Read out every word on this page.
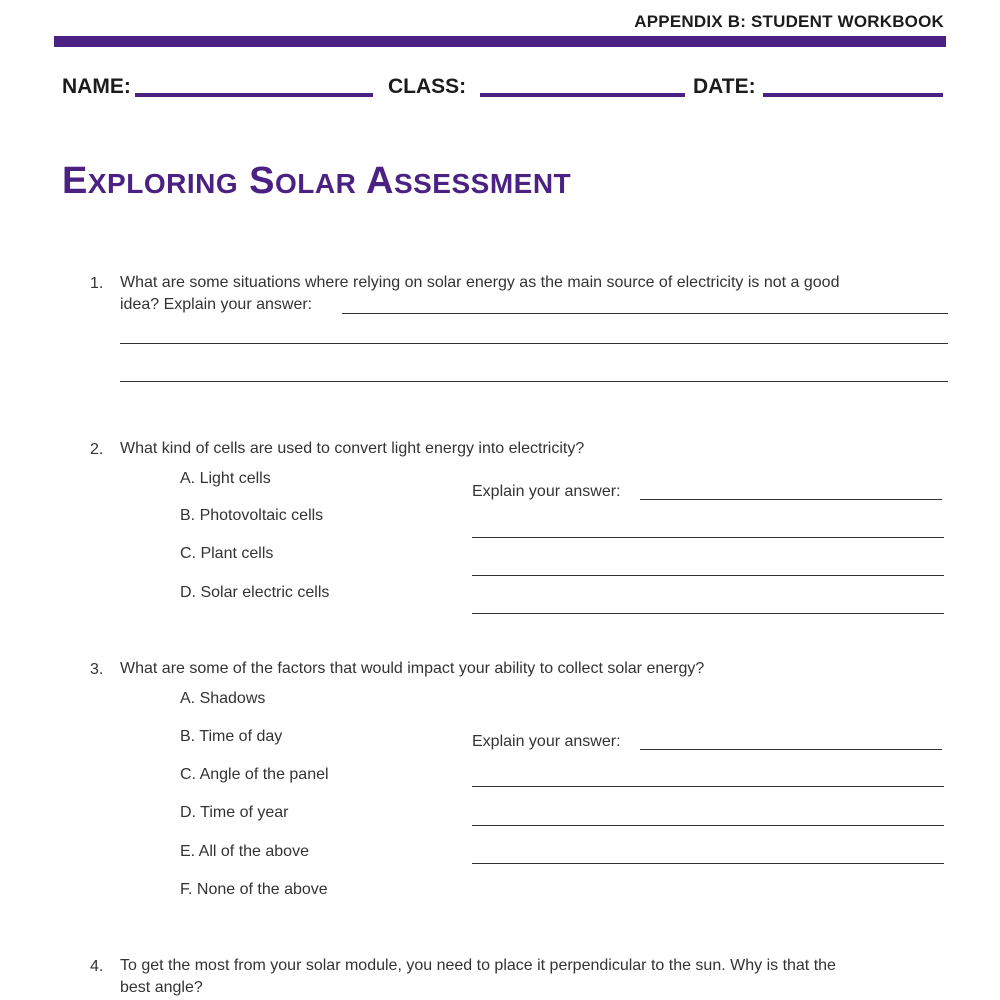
APPENDIX B: STUDENT WORKBOOK
NAME:	CLASS:	DATE:
EXPLORING SOLAR ASSESSMENT
1. What are some situations where relying on solar energy as the main source of electricity is not a good
idea? Explain your answer:
2. What kind of cells are used to convert light energy into electricity?
A. Light cells
B. Photovoltaic cells
C. Plant cells
D. Solar electric cells
Explain your answer:
3. What are some of the factors that would impact your ability to collect solar energy?
A. Shadows
B. Time of day
C. Angle of the panel
D. Time of year
E. All of the above
F. None of the above
Explain your answer:
4. To get the most from your solar module, you need to place it perpendicular to the sun. Why is that the
best angle?
